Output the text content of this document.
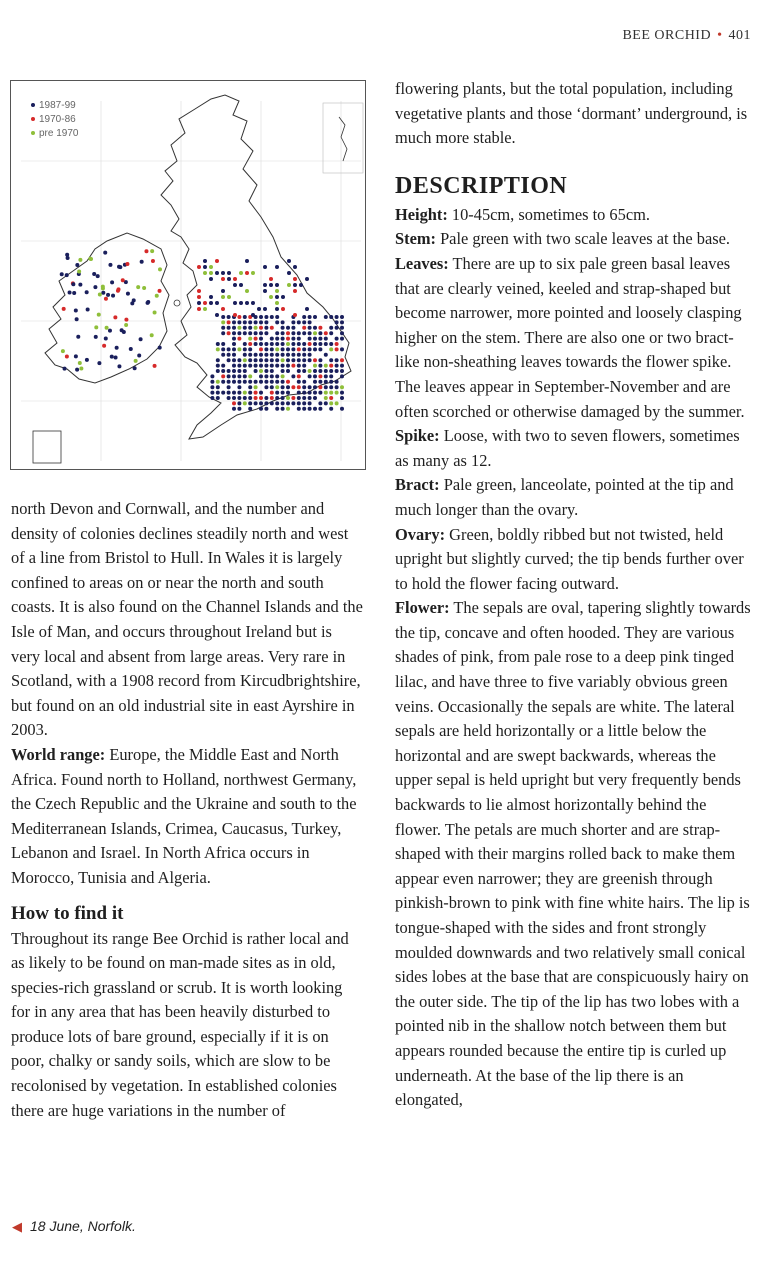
BEE ORCHID • 401
1987-99
1970-86
pre 1970

north Devon and Cornwall, and the number and density of colonies declines steadily north and west of a line from Bristol to Hull. In Wales it is largely confined to areas on or near the north and south coasts. It is also found on the Channel Islands and the Isle of Man, and occurs throughout Ireland but is very local and absent from large areas. Very rare in Scotland, with a 1908 record from Kircudbrightshire, but found on an old industrial site in east Ayrshire in 2003.

World range: Europe, the Middle East and North Africa. Found north to Holland, northwest Germany, the Czech Republic and the Ukraine and south to the Mediterranean Islands, Crimea, Caucasus, Turkey, Lebanon and Israel. In North Africa occurs in Morocco, Tunisia and Algeria.

How to find it

Throughout its range Bee Orchid is rather local and as likely to be found on man-made sites as in old, species-rich grassland or scrub. It is worth looking for in any area that has been heavily disturbed to produce lots of bare ground, especially if it is on poor, chalky or sandy soils, which are slow to be recolonised by vegetation. In established colonies there are huge variations in the number of

flowering plants, but the total population, including vegetative plants and those ‘dormant’ underground, is much more stable.

DESCRIPTION

Height: 10-45cm, sometimes to 65cm.

Stem: Pale green with two scale leaves at the base.

Leaves: There are up to six pale green basal leaves that are clearly veined, keeled and strap-shaped but become narrower, more pointed and loosely clasping higher on the stem. There are also one or two bract-like non-sheathing leaves towards the flower spike. The leaves appear in September-November and are often scorched or otherwise damaged by the summer.

Spike: Loose, with two to seven flowers, sometimes as many as 12.

Bract: Pale green, lanceolate, pointed at the tip and much longer than the ovary.

Ovary: Green, boldly ribbed but not twisted, held upright but slightly curved; the tip bends further over to hold the flower facing outward.

Flower: The sepals are oval, tapering slightly towards the tip, concave and often hooded. They are various shades of pink, from pale rose to a deep pink tinged lilac, and have three to five variably obvious green veins. Occasionally the sepals are white. The lateral sepals are held horizontally or a little below the horizontal and are swept backwards, whereas the upper sepal is held upright but very frequently bends backwards to lie almost horizontally behind the flower. The petals are much shorter and are strap-shaped with their margins rolled back to make them appear even narrower; they are greenish through pinkish-brown to pink with fine white hairs. The lip is tongue-shaped with the sides and front strongly moulded downwards and two relatively small conical sides lobes at the base that are conspicuously hairy on the outer side. The tip of the lip has two lobes with a pointed nib in the shallow notch between them but appears rounded because the entire tip is curled up underneath. At the base of the lip there is an elongated,

◀ 18 June, Norfolk.
